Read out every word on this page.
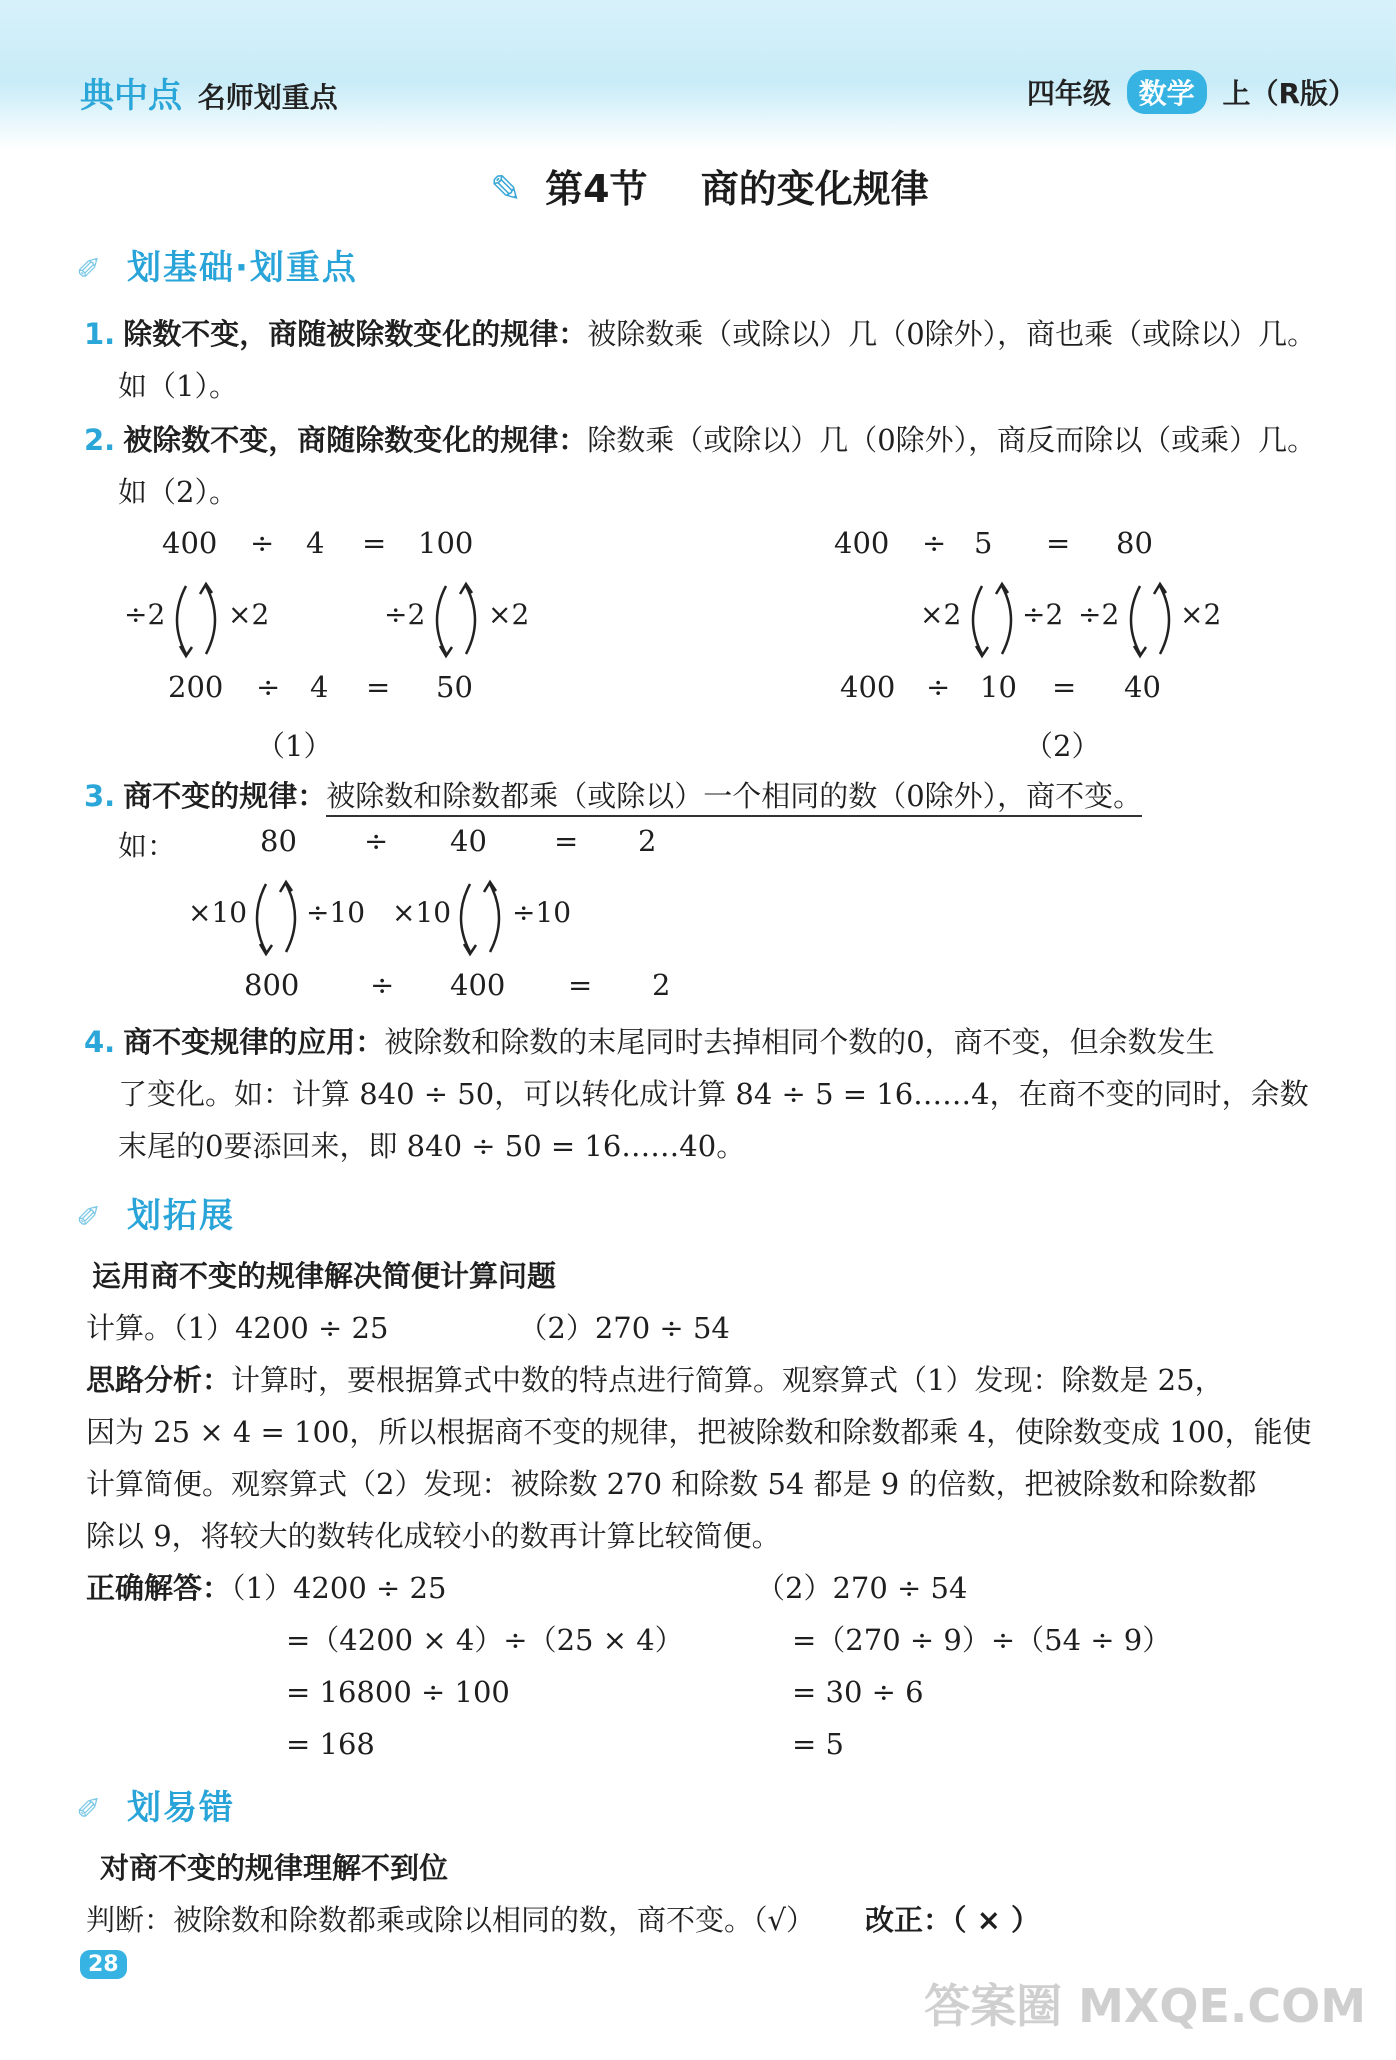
典中点 名师划重点	四年级 数学 上（R版）
✎ 第4节 商的变化规律
✐ 划基础·划重点
1. 除数不变，商随被除数变化的规律：被除数乘（或除以）几（0除外），商也乘（或除以）几。
如（1）。
2. 被除数不变，商随除数变化的规律：除数乘（或除以）几（0除外），商反而除以（或乘）几。
如（2）。
400 ÷ 4 = 100
÷2 ×2	÷2 ×2
200 ÷ 4 = 50
（1）
400 ÷ 5 = 80
×2 ÷2 ÷2 ×2
400 ÷ 10 = 40
（2）
3. 商不变的规律：被除数和除数都乘（或除以）一个相同的数（0除外），商不变。
如：	80 ÷ 40 = 2
×10 ÷10 ×10 ÷10
800 ÷ 400 = 2
4. 商不变规律的应用：被除数和除数的末尾同时去掉相同个数的0，商不变，但余数发生
了变化。如：计算 840 ÷ 50，可以转化成计算 84 ÷ 5 = 16……4，在商不变的同时，余数
末尾的0要添回来，即 840 ÷ 50 = 16……40。
✐ 划拓展
运用商不变的规律解决简便计算问题
计算。（1）4200 ÷ 25	（2）270 ÷ 54
思路分析：计算时，要根据算式中数的特点进行简算。观察算式（1）发现：除数是 25，
因为 25 × 4 = 100，所以根据商不变的规律，把被除数和除数都乘 4，使除数变成 100，能使
计算简便。观察算式（2）发现：被除数 270 和除数 54 都是 9 的倍数，把被除数和除数都
除以 9，将较大的数转化成较小的数再计算比较简便。
正确解答：（1）4200 ÷ 25
=（4200 × 4）÷（25 × 4）
= 16800 ÷ 100
= 168
（2）270 ÷ 54
=（270 ÷ 9）÷（54 ÷ 9）
= 30 ÷ 6
= 5
✐ 划易错
对商不变的规律理解不到位
判断：被除数和除数都乘或除以相同的数，商不变。（√） 改正：（ × ）
28
答案圈 MXQE.COM
